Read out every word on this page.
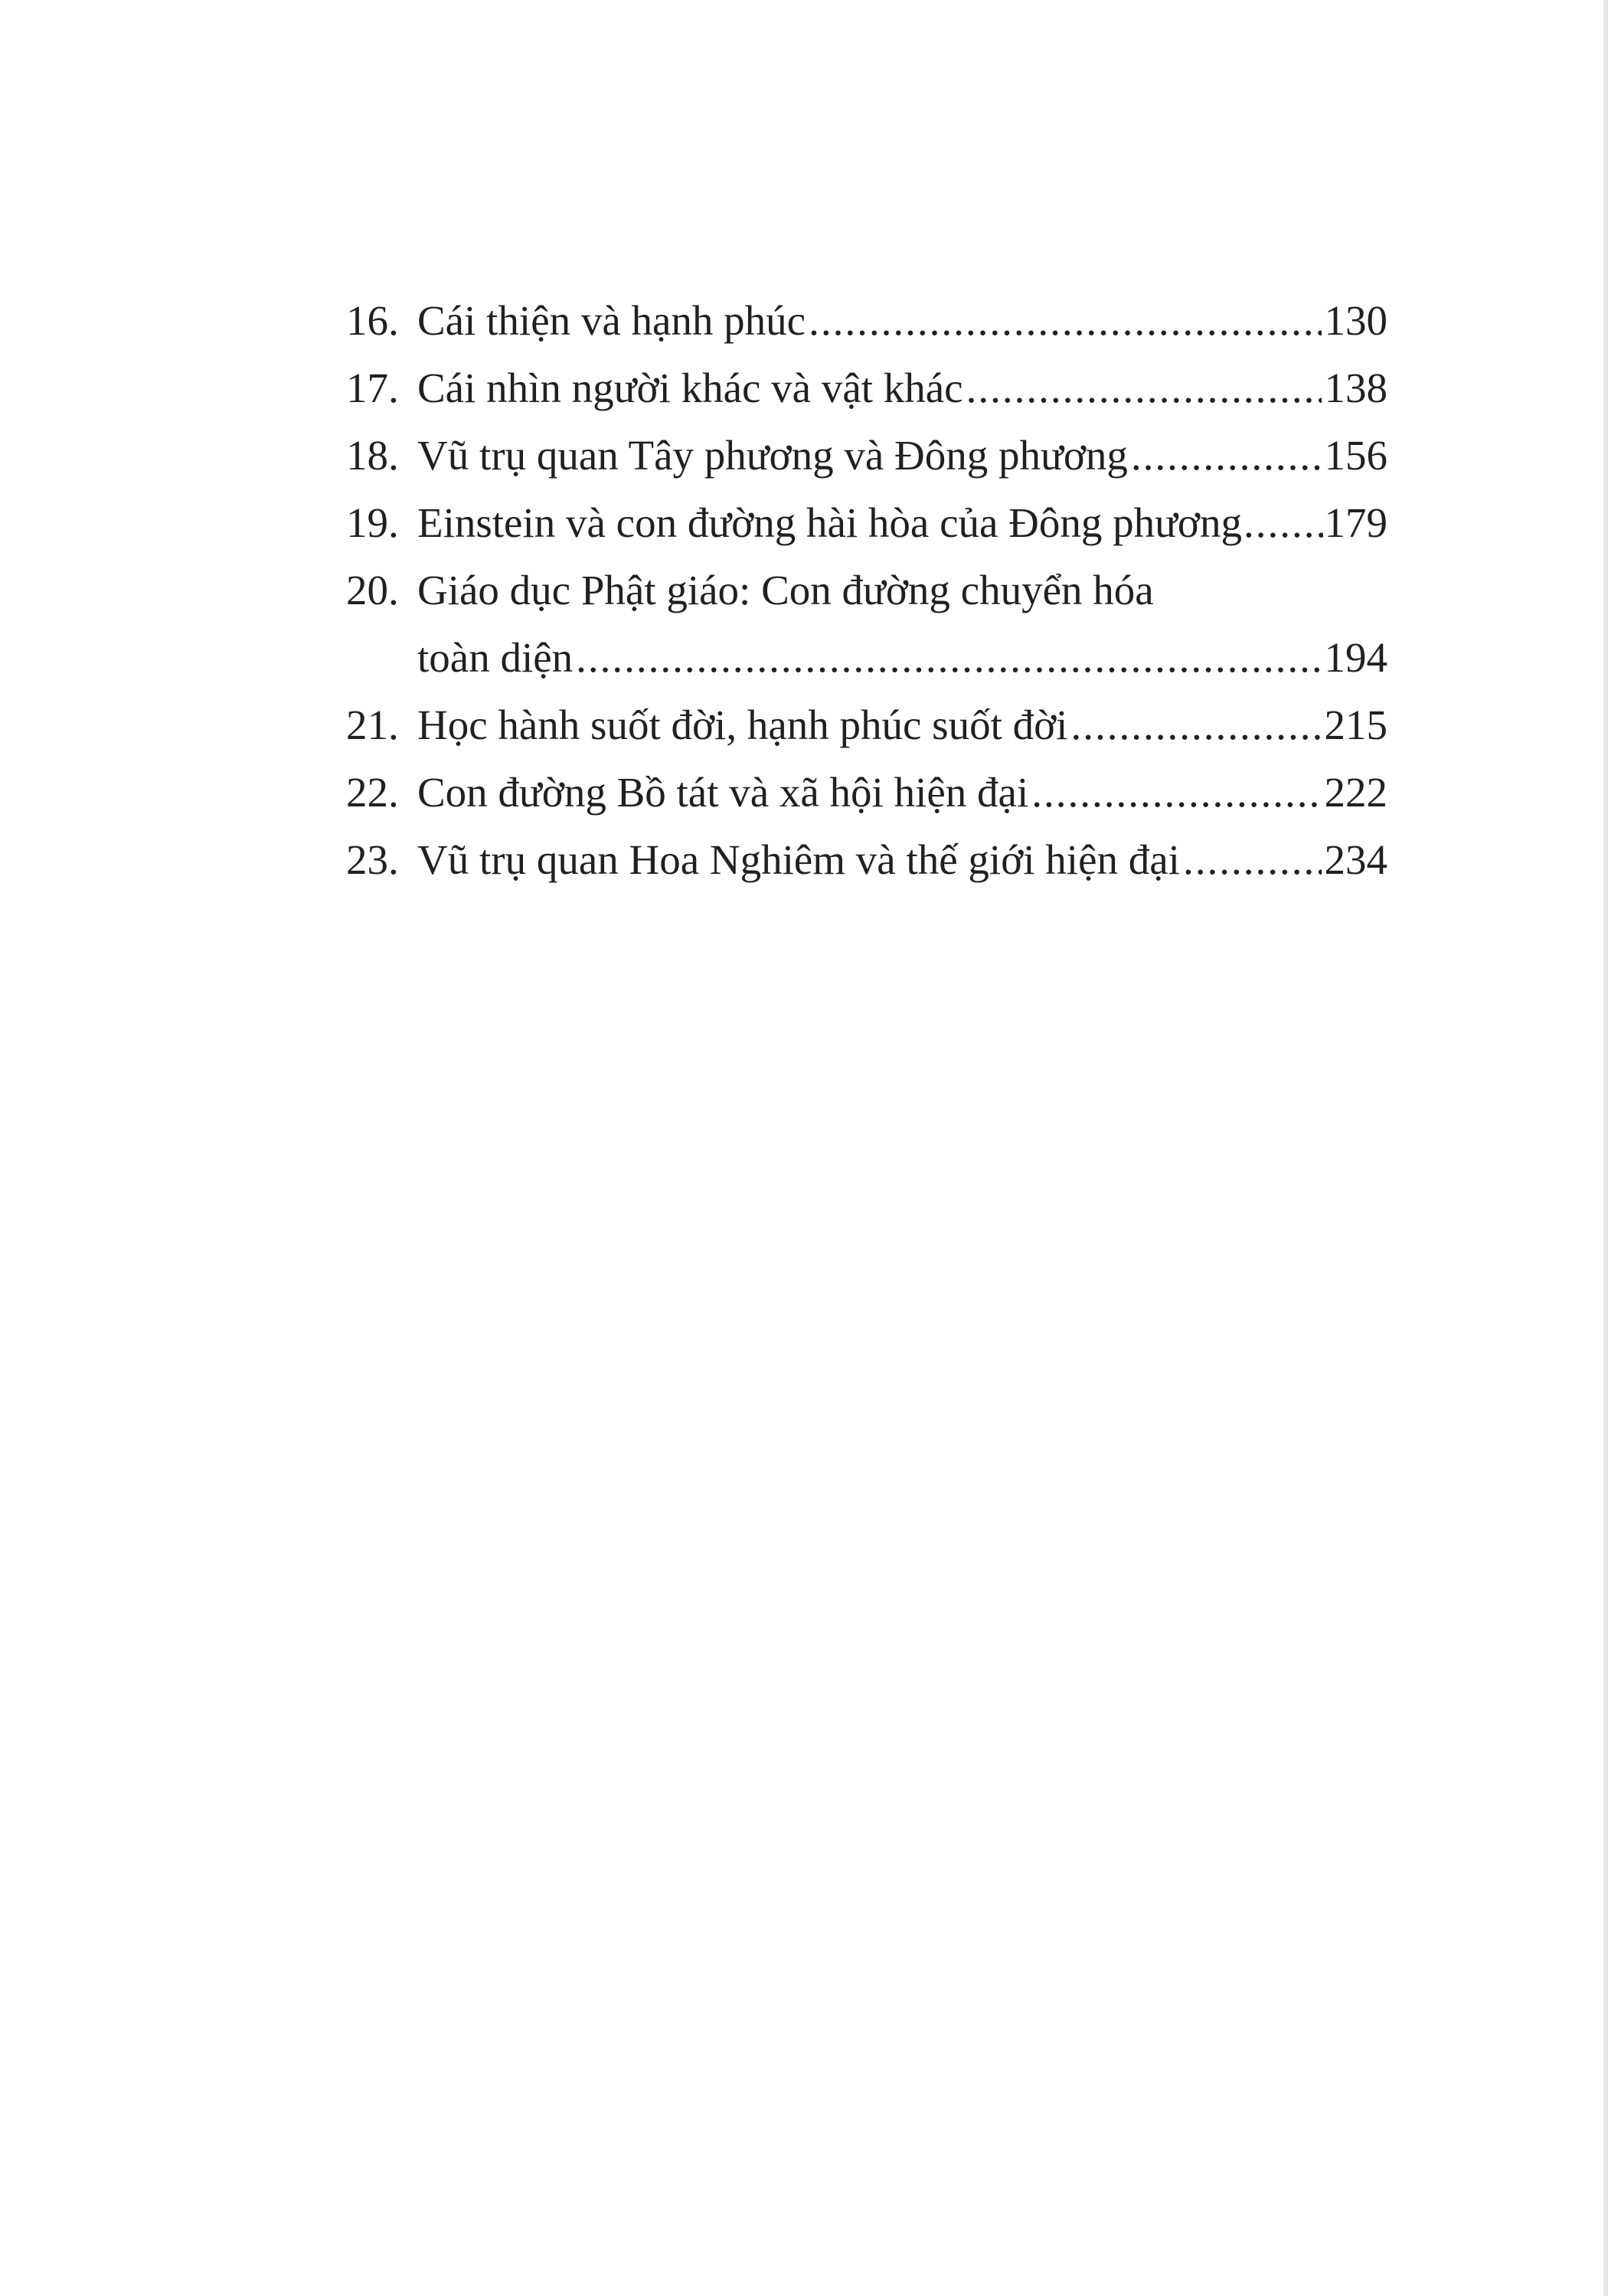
16. Cái thiện và hạnh phúc .....	130
17. Cái nhìn người khác và vật khác .....	138
18. Vũ trụ quan Tây phương và Đông phương .....	156
19. Einstein và con đường hài hòa của Đông phương ..... 179
20. Giáo dục Phật giáo: Con đường chuyển hóa
toàn diện .....	194
21. Học hành suốt đời, hạnh phúc suốt đời .....	215
22. Con đường Bồ tát và xã hội hiện đại .....	222
23. Vũ trụ quan Hoa Nghiêm và thế giới hiện đại .....	234
